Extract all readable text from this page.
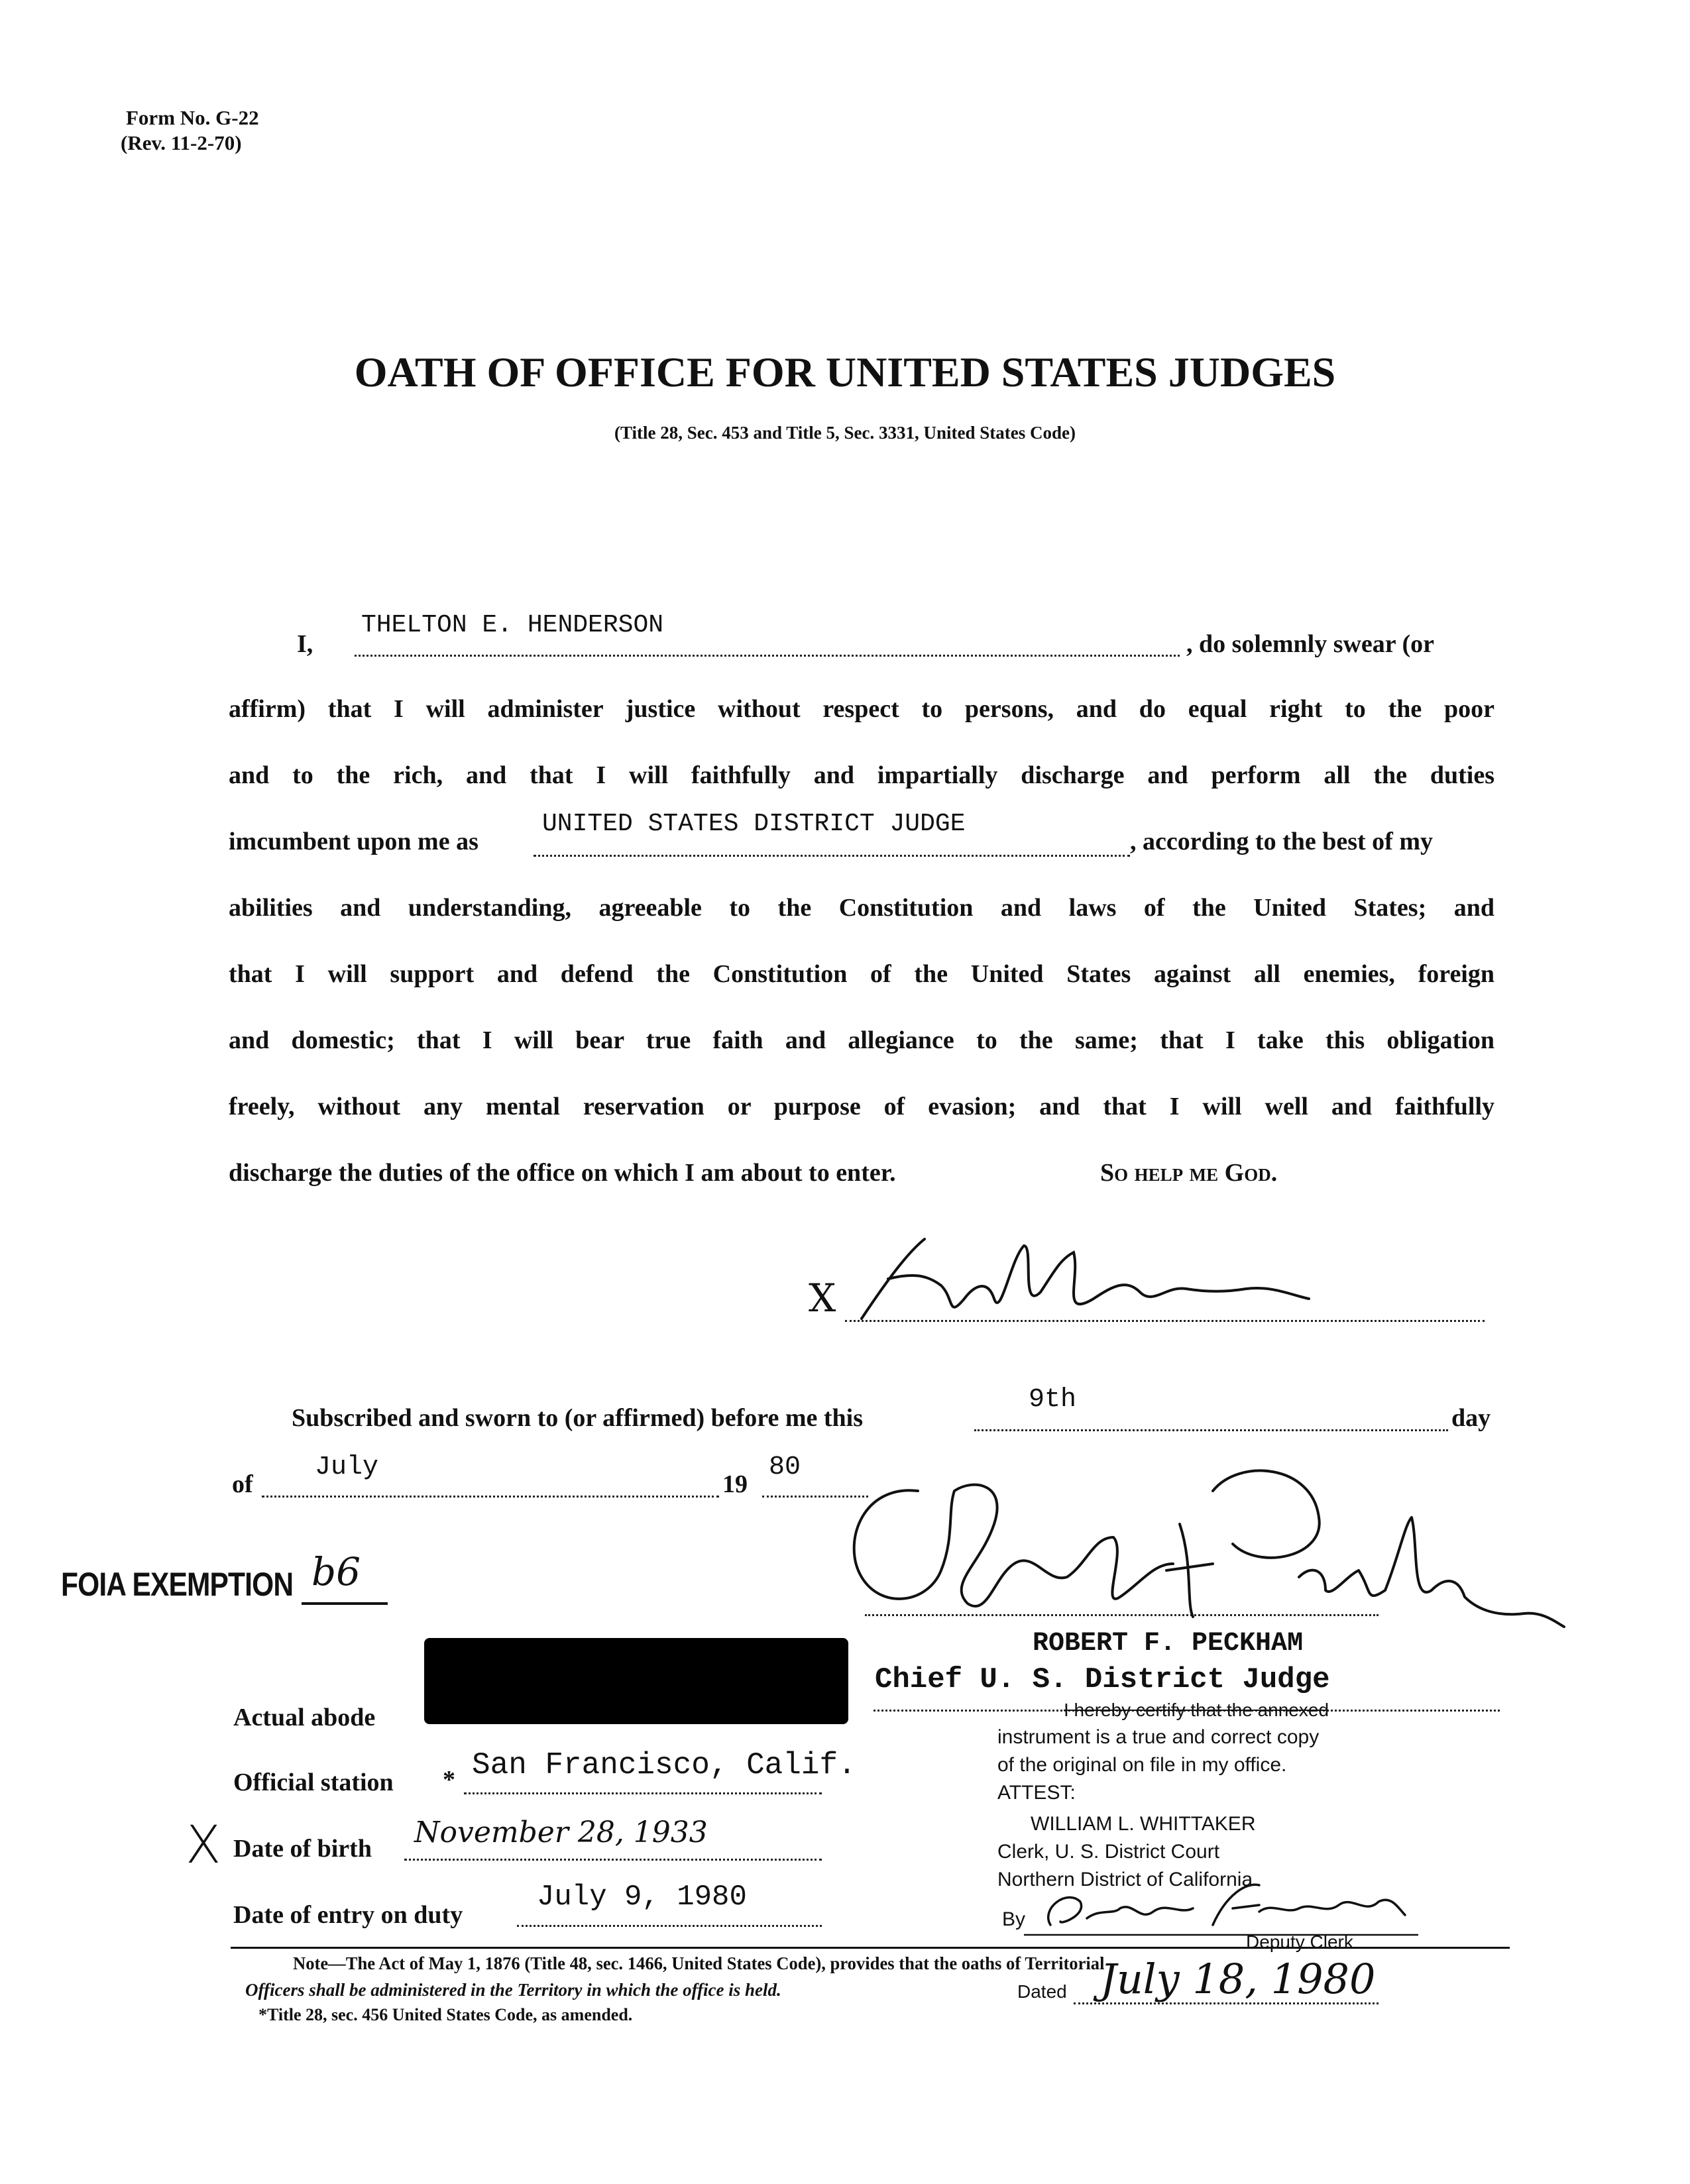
Form No. G-22
(Rev. 11-2-70)
OATH OF OFFICE FOR UNITED STATES JUDGES
(Title 28, Sec. 453 and Title 5, Sec. 3331, United States Code)
I,
THELTON E. HENDERSON
, do solemnly swear (or
affirm) that I will administer justice without respect to persons, and do equal right to the poor
and to the rich, and that I will faithfully and impartially discharge and perform all the duties
imcumbent upon me as
UNITED STATES DISTRICT JUDGE
, according to the best of my
abilities and understanding, agreeable to the Constitution and laws of the United States; and
that I will support and defend the Constitution of the United States against all enemies, foreign
and domestic; that I will bear true faith and allegiance to the same; that I take this obligation
freely, without any mental reservation or purpose of evasion; and that I will well and faithfully
discharge the duties of the office on which I am about to enter.	So help me God.
X
Subscribed and sworn to (or affirmed) before me this
9th
day
of
July
19
80
FOIA EXEMPTION b6
ROBERT F. PECKHAM
Chief U. S. District Judge
Actual abode
Official station * San Francisco, Calif.
X Date of birth November 28, 1933
Date of entry on duty
July 9, 1980
I hereby certify that the annexed
instrument is a true and correct copy
of the original on file in my office.
ATTEST:
WILLIAM L. WHITTAKER
Clerk, U. S. District Court
Northern District of California
By
Deputy Clerk
Note—The Act of May 1, 1876 (Title 48, sec. 1466, United States Code), provides that the oaths of Territorial
Officers shall be administered in the Territory in which the office is held.
*Title 28, sec. 456 United States Code, as amended.
Dated July 18, 1980
